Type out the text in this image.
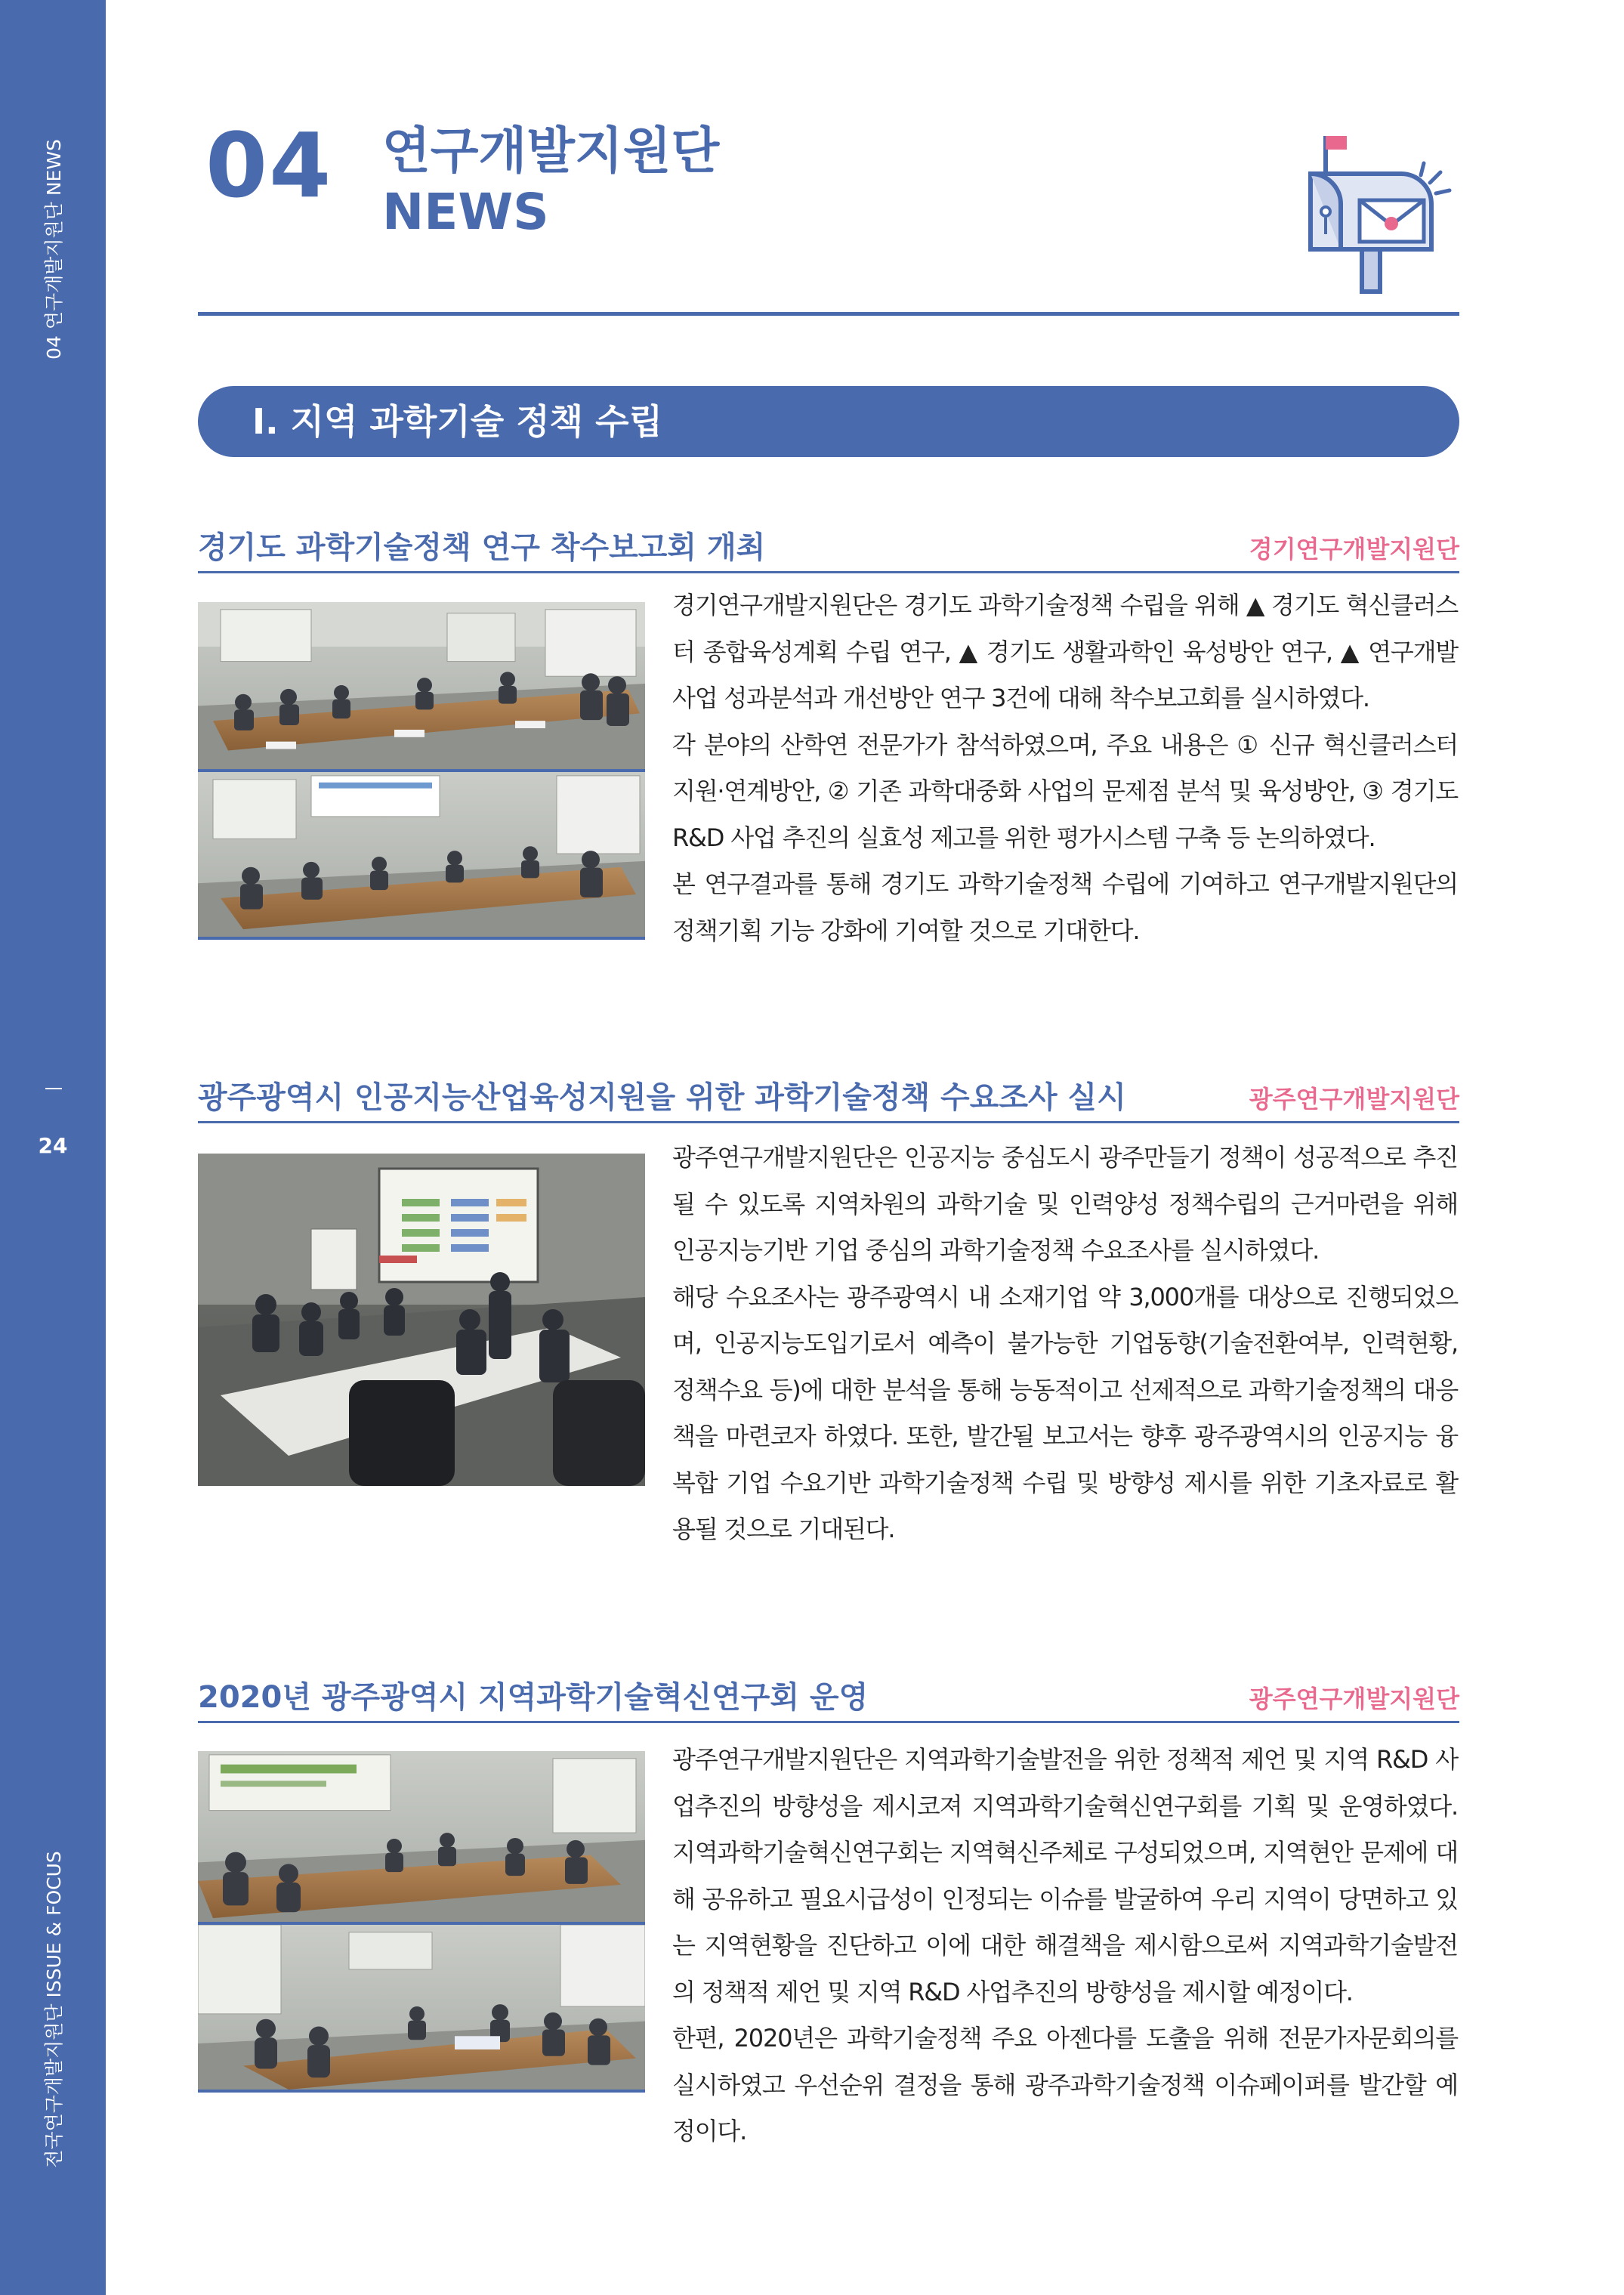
04 연구개발지원단 NEWS
24
전국연구개발지원단 ISSUE & FOCUS
04 연구개발지원단
NEWS
Ⅰ. 지역 과학기술 정책 수립
경기도 과학기술정책 연구 착수보고회 개최	경기연구개발지원단

경기연구개발지원단은 경기도 과학기술정책 수립을 위해 ▲ 경기도 혁신클러스터 종합육성계획 수립 연구, ▲ 경기도 생활과학인 육성방안 연구, ▲ 연구개발사업 성과분석과 개선방안 연구 3건에 대해 착수보고회를 실시하였다.

각 분야의 산학연 전문가가 참석하였으며, 주요 내용은 ① 신규 혁신클러스터 지원·연계방안, ② 기존 과학대중화 사업의 문제점 분석 및 육성방안, ③ 경기도 R&D 사업 추진의 실효성 제고를 위한 평가시스템 구축 등 논의하였다.

본 연구결과를 통해 경기도 과학기술정책 수립에 기여하고 연구개발지원단의 정책기획 기능 강화에 기여할 것으로 기대한다.

광주광역시 인공지능산업육성지원을 위한 과학기술정책 수요조사 실시	광주연구개발지원단

광주연구개발지원단은 인공지능 중심도시 광주만들기 정책이 성공적으로 추진될 수 있도록 지역차원의 과학기술 및 인력양성 정책수립의 근거마련을 위해 인공지능기반 기업 중심의 과학기술정책 수요조사를 실시하였다.

해당 수요조사는 광주광역시 내 소재기업 약 3,000개를 대상으로 진행되었으며, 인공지능도입기로서 예측이 불가능한 기업동향(기술전환여부, 인력현황, 정책수요 등)에 대한 분석을 통해 능동적이고 선제적으로 과학기술정책의 대응책을 마련코자 하였다. 또한, 발간될 보고서는 향후 광주광역시의 인공지능 융복합 기업 수요기반 과학기술정책 수립 및 방향성 제시를 위한 기초자료로 활용될 것으로 기대된다.

2020년 광주광역시 지역과학기술혁신연구회 운영	광주연구개발지원단

광주연구개발지원단은 지역과학기술발전을 위한 정책적 제언 및 지역 R&D 사업추진의 방향성을 제시코져 지역과학기술혁신연구회를 기획 및 운영하였다. 지역과학기술혁신연구회는 지역혁신주체로 구성되었으며, 지역현안 문제에 대해 공유하고 필요시급성이 인정되는 이슈를 발굴하여 우리 지역이 당면하고 있는 지역현황을 진단하고 이에 대한 해결책을 제시함으로써 지역과학기술발전의 정책적 제언 및 지역 R&D 사업추진의 방향성을 제시할 예정이다.

한편, 2020년은 과학기술정책 주요 아젠다를 도출을 위해 전문가자문회의를 실시하였고 우선순위 결정을 통해 광주과학기술정책 이슈페이퍼를 발간할 예정이다.
